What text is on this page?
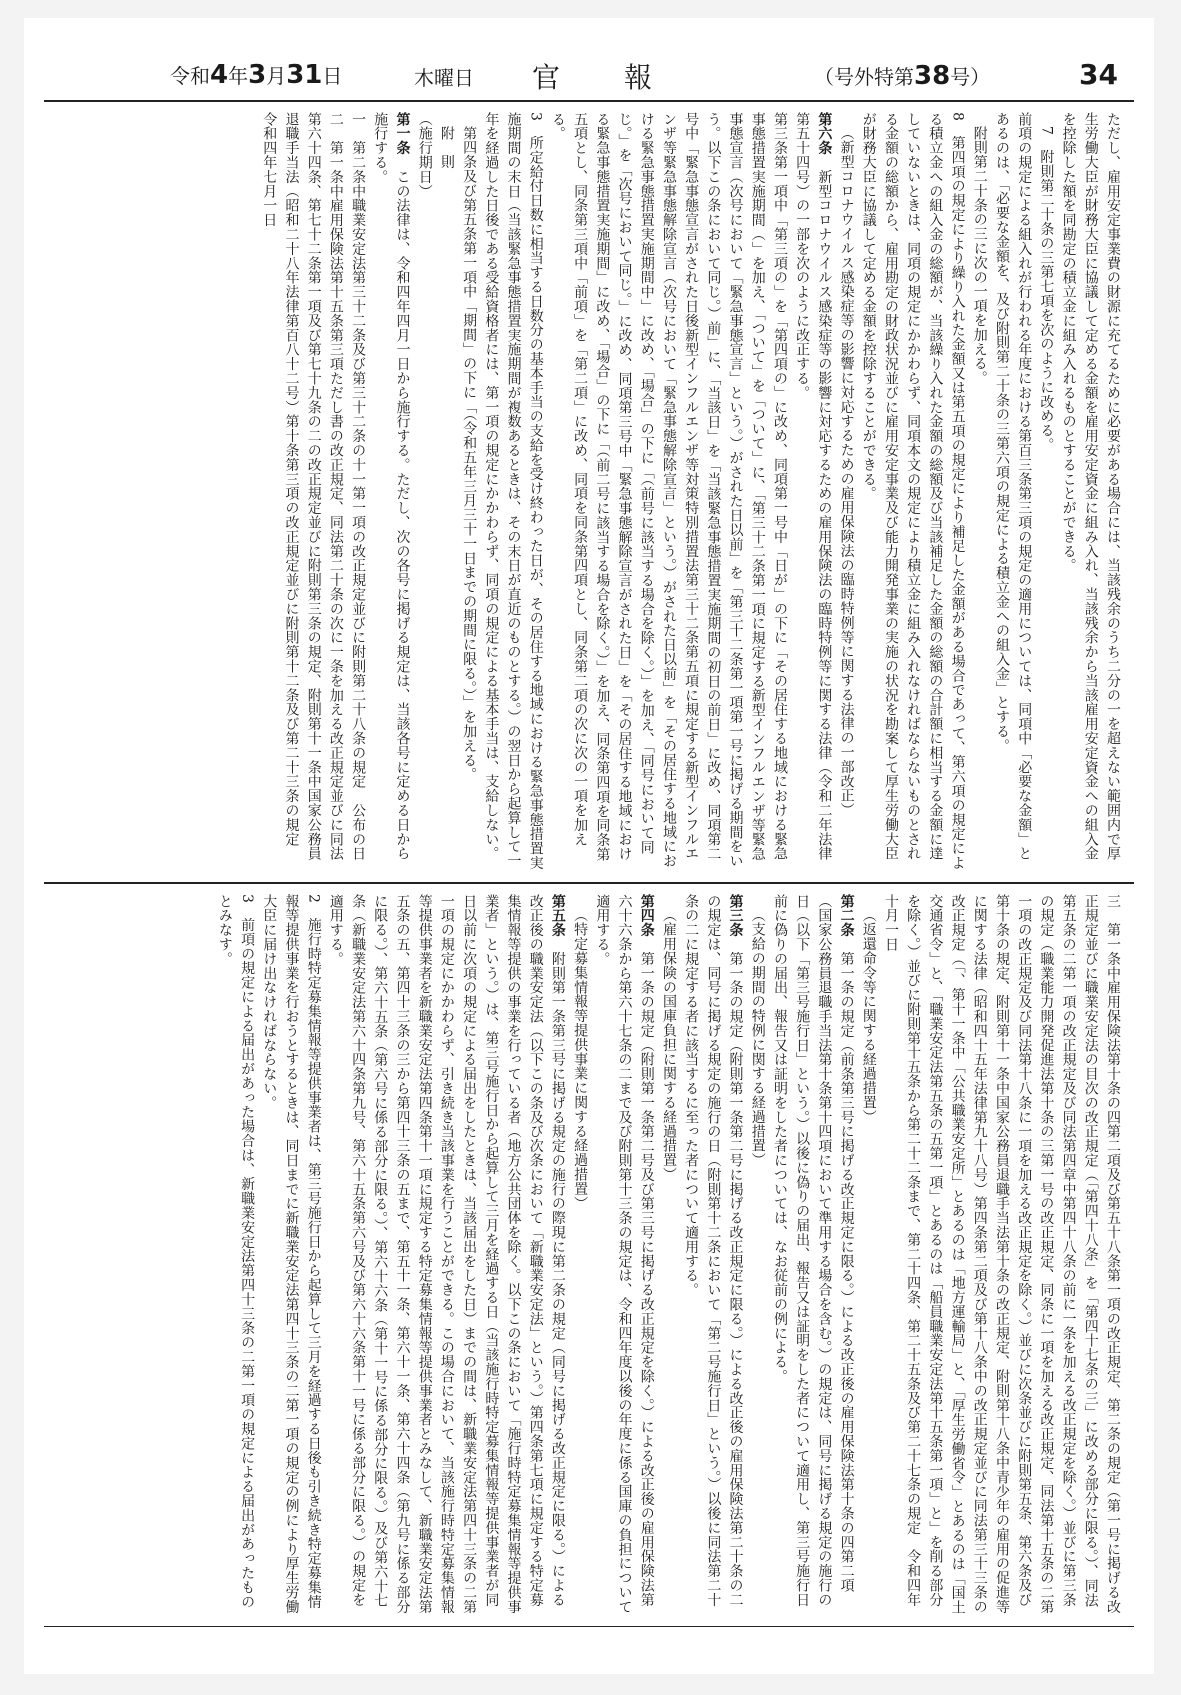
令和4年3月31日	木曜日 官報	（号外特第38号）	34

ただし、雇用安定事業費の財源に充てるために必要がある場合には、当該残余のうち二分の一を超えない範囲内で厚生労働大臣が財務大臣に協議して定める金額を雇用安定資金に組み入れ、当該残余から当該雇用安定資金への組入金を控除した額を同勘定の積立金に組み入れるものとすることができる。

7　附則第二十条の三第七項を次のように改める。

前項の規定による組入れが行われる年度における第百三条第三項の規定の適用については、同項中「必要な金額」とあるのは、「必要な金額を、及び附則第二十条の三第六項の規定による積立金への組入金」とする。

附則第二十条の三に次の一項を加える。

8　第四項の規定により繰り入れた金額又は第五項の規定により補足した金額がある場合であって、第六項の規定による積立金への組入金の総額が、当該繰り入れた金額の総額及び当該補足した金額の総額の合計額に相当する金額に達していないときは、同項の規定にかかわらず、同項本文の規定により積立金に組み入れなければならないものとされる金額の総額から、雇用勘定の財政状況並びに雇用安定事業及び能力開発事業の実施の状況を勘案して厚生労働大臣が財務大臣に協議して定める金額を控除することができる。

（新型コロナウイルス感染症等の影響に対応するための雇用保険法の臨時特例等に関する法律の一部改正）

第六条　新型コロナウイルス感染症等の影響に対応するための雇用保険法の臨時特例等に関する法律（令和二年法律第五十四号）の一部を次のように改正する。

第三条第一項中「第三項の」を「第四項の」に改め、同項第一号中「日が」の下に「その居住する地域における緊急事態措置実施期間（」を加え、「ついて」を「ついて」に、「第三十二条第一項に規定する新型インフルエンザ等緊急事態宣言（次号において「緊急事態宣言」という。）がされた日以前」を「第三十二条第一項第一号に掲げる期間をいう。以下この条において同じ。）前」に、「当該日」を「当該緊急事態措置実施期間の初日の前日」に改め、同項第二号中「緊急事態宣言がされた日後新型インフルエンザ等対策特別措置法第三十二条第五項に規定する新型インフルエンザ等緊急事態解除宣言（次号において「緊急事態解除宣言」という。）がされた日以前」を「その居住する地域における緊急事態措置実施期間中」に改め、「場合」の下に「（前号に該当する場合を除く。）」を加え、「同号において同じ。」を「次号において同じ。」に改め、同項第三号中「緊急事態解除宣言がされた日」を「その居住する地域における緊急事態措置実施期間」に改め、「場合」の下に「（前二号に該当する場合を除く。）」を加え、同条第四項を同条第五項とし、同条第三項中「前項」を「第二項」に改め、同項を同条第四項とし、同条第二項の次に次の一項を加える。

3　所定給付日数に相当する日数分の基本手当の支給を受け終わった日が、その居住する地域における緊急事態措置実施期間の末日（当該緊急事態措置実施期間が複数あるときは、その末日が直近のものとする。）の翌日から起算して一年を経過した日後である受給資格者には、第一項の規定にかかわらず、同項の規定による基本手当は、支給しない。

第四条及び第五条第一項中「期間」の下に「（令和五年三月三十一日までの期間に限る。）」を加える。

附　則

（施行期日）

第一条　この法律は、令和四年四月一日から施行する。ただし、次の各号に掲げる規定は、当該各号に定める日から施行する。

一　第二条中職業安定法第三十二条及び第三十二条の十一第一項の改正規定並びに附則第二十八条の規定　公布の日

二　第一条中雇用保険法第十五条第三項ただし書の改正規定、同法第二十条の次に一条を加える改正規定並びに同法第六十四条、第七十二条第一項及び第七十九条の二の改正規定並びに附則第三条の規定、附則第十一条中国家公務員退職手当法（昭和二十八年法律第百八十二号）第十条第三項の改正規定並びに附則第十二条及び第二十三条の規定　令和四年七月一日

三　第一条中雇用保険法第十条の四第二項及び第五十八条第一項の改正規定、第二条の規定（第一号に掲げる改正規定並びに職業安定法の目次の改正規定（「第四十八条」を「第四十七条の三」に改める部分に限る。）、同法第五条の二第一項の改正規定及び同法第四章中第四十八条の前に一条を加える改正規定を除く。）並びに第三条の規定（職業能力開発促進法第十条の三第一号の改正規定、同条に一項を加える改正規定、同法第十五条の二第一項の改正規定及び同法第十八条に一項を加える改正規定を除く。）並びに次条並びに附則第五条、第六条及び第十条の規定、附則第十一条中国家公務員退職手当法第十条の改正規定、附則第十八条中青少年の雇用の促進等に関する法律（昭和四十五年法律第九十八号）第四条第二項及び第十八条中の改正規定並びに同法第三十三条の改正規定（「、第十一条中「公共職業安定所」とあるのは「地方運輸局」と、「厚生労働省令」とあるのは「国土交通省令」と、「職業安定法第五条の五第一項」とあるのは「船員職業安定法第十五条第一項」と」を削る部分を除く。）並びに附則第十五条から第二十二条まで、第二十四条、第二十五条及び第二十七条の規定　令和四年十月一日

（返還命令等に関する経過措置）

第二条　第一条の規定（前条第三号に掲げる改正規定に限る。）による改正後の雇用保険法第十条の四第二項（国家公務員退職手当法第十条第十四項において準用する場合を含む。）の規定は、同号に掲げる規定の施行の日（以下「第三号施行日」という。）以後に偽りの届出、報告又は証明をした者について適用し、第三号施行日前に偽りの届出、報告又は証明をした者については、なお従前の例による。

（支給の期間の特例に関する経過措置）

第三条　第一条の規定（附則第一条第二号に掲げる改正規定に限る。）による改正後の雇用保険法第二十条の二の規定は、同号に掲げる規定の施行の日（附則第十二条において「第二号施行日」という。）以後に同法第二十条の二に規定する者に該当するに至った者について適用する。

（雇用保険の国庫負担に関する経過措置）

第四条　第一条の規定（附則第一条第二号及び第三号に掲げる改正規定を除く。）による改正後の雇用保険法第六十六条から第六十七条の二まで及び附則第十三条の規定は、令和四年度以後の年度に係る国庫の負担について適用する。

（特定募集情報等提供事業に関する経過措置）

第五条　附則第一条第三号に掲げる規定の施行の際現に第二条の規定（同号に掲げる改正規定に限る。）による改正後の職業安定法（以下この条及び次条において「新職業安定法」という。）第四条第七項に規定する特定募集情報等提供の事業を行っている者（地方公共団体を除く。以下この条において「施行時特定募集情報等提供事業者」という。）は、第三号施行日から起算して三月を経過する日（当該施行時特定募集情報等提供事業者が同日以前に次項の規定による届出をしたときは、当該届出をした日）までの間は、新職業安定法第四十三条の二第一項の規定にかかわらず、引き続き当該事業を行うことができる。この場合において、当該施行時特定募集情報等提供事業者を新職業安定法第四条第十一項に規定する特定募集情報等提供事業者とみなして、新職業安定法第五条の五、第四十三条の三から第四十三条の五まで、第五十一条、第六十一条、第六十四条（第九号に係る部分に限る。）、第六十五条（第六号に係る部分に限る。）、第六十六条（第十一号に係る部分に限る。）及び第六十七条（新職業安定法第六十四条第九号、第六十五条第六号及び第六十六条第十一号に係る部分に限る。）の規定を適用する。

2　施行時特定募集情報等提供事業者は、第三号施行日から起算して三月を経過する日後も引き続き特定募集情報等提供事業を行おうとするときは、同日までに新職業安定法第四十三条の二第一項の規定の例により厚生労働大臣に届け出なければならない。

3　前項の規定による届出があった場合は、新職業安定法第四十三条の二第一項の規定による届出があったものとみなす。
